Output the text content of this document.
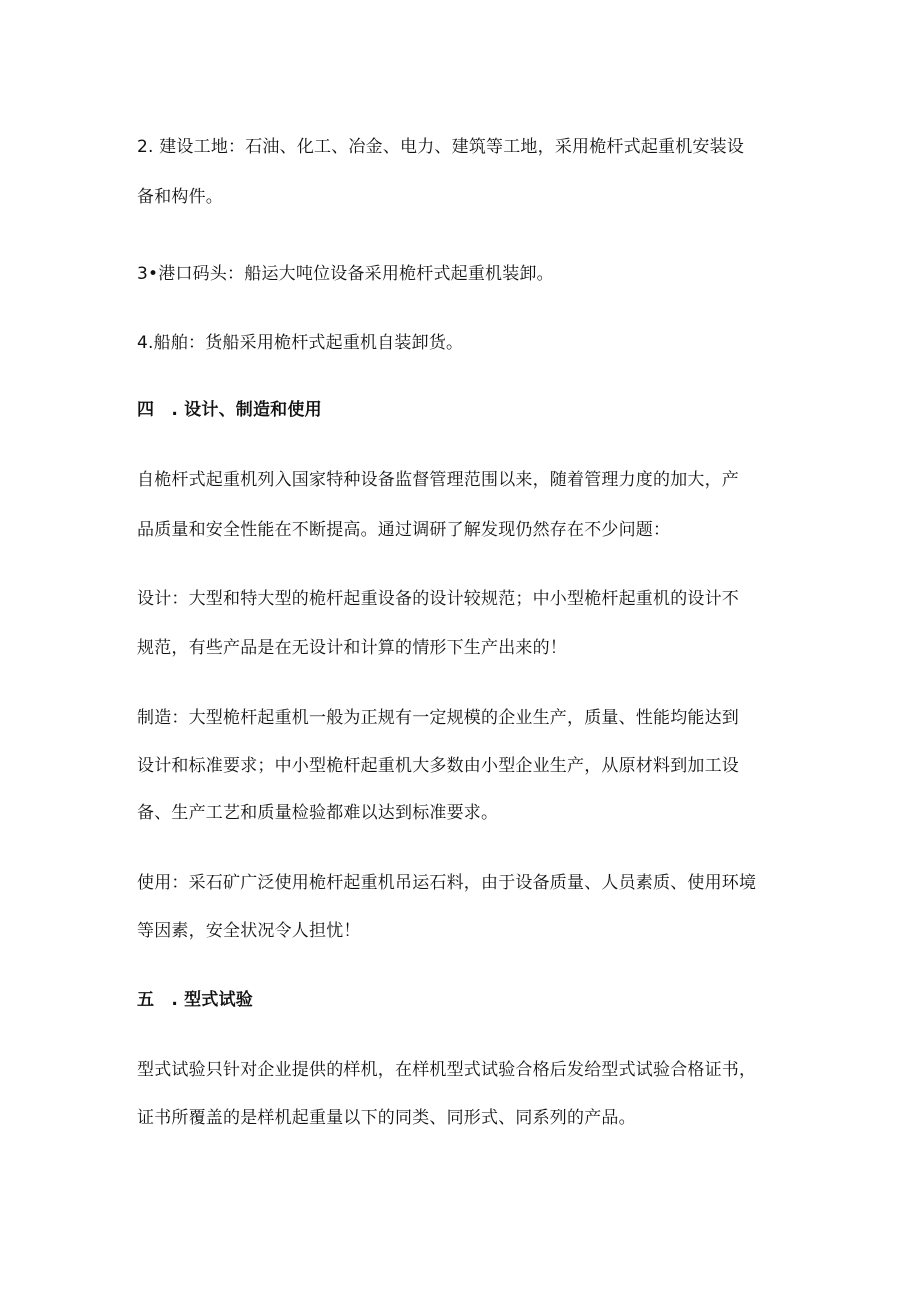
2. 建设工地：石油、化工、冶金、电力、建筑等工地，采用桅杆式起重机安装设
备和构件。
3•港口码头：船运大吨位设备采用桅杆式起重机装卸。
4.船舶：货船采用桅杆式起重机自装卸货。
四　. 设计、制造和使用
自桅杆式起重机列入国家特种设备监督管理范围以来，随着管理力度的加大，产
品质量和安全性能在不断提高。通过调研了解发现仍然存在不少问题：
设计：大型和特大型的桅杆起重设备的设计较规范；中小型桅杆起重机的设计不
规范，有些产品是在无设计和计算的情形下生产出来的！
制造：大型桅杆起重机一般为正规有一定规模的企业生产，质量、性能均能达到
设计和标准要求；中小型桅杆起重机大多数由小型企业生产，从原材料到加工设
备、生产工艺和质量检验都难以达到标准要求。
使用：采石矿广泛使用桅杆起重机吊运石料，由于设备质量、人员素质、使用环境
等因素，安全状况令人担忧！
五　. 型式试验
型式试验只针对企业提供的样机，在样机型式试验合格后发给型式试验合格证书，
证书所覆盖的是样机起重量以下的同类、同形式、同系列的产品。
